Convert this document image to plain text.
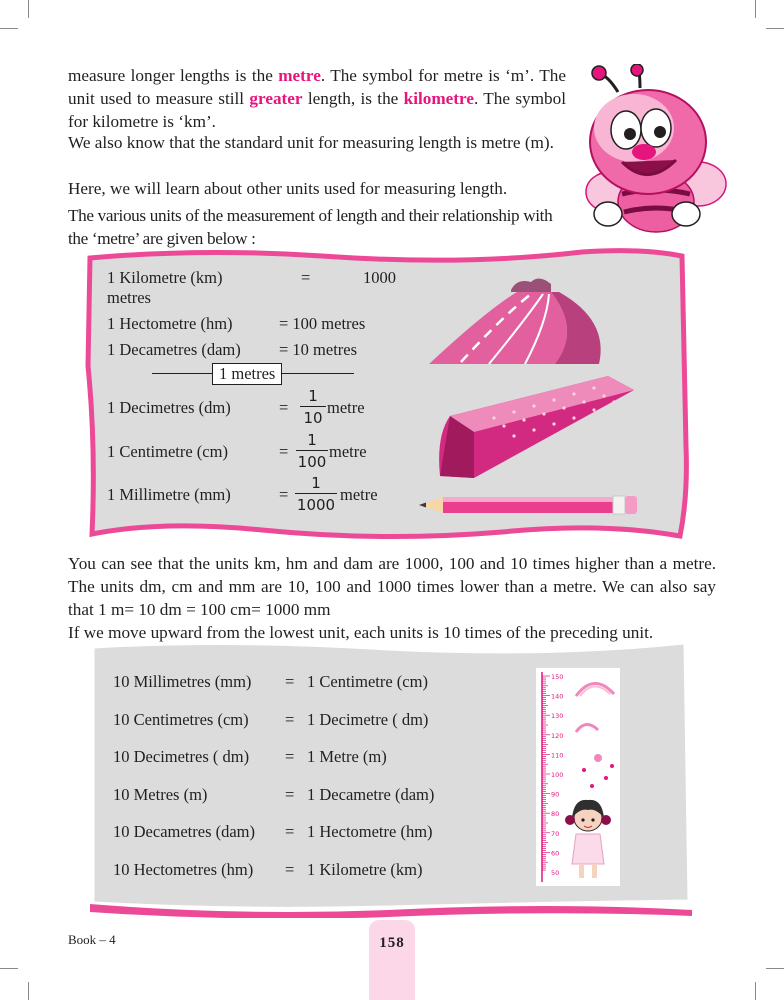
measure longer lengths is the metre. The symbol for metre is ‘m’. The unit used to measure still greater length, is the kilometre. The symbol for kilometre is ‘km’.

We also know that the standard unit for measuring length is metre (m).

Here, we will learn about other units used for measuring length.

The various units of the measurement of length and their relationship with the ‘metre’ are given below :

1 Kilometre (km)	=	1000
metres
1 Hectometre (hm)	= 100 metres
1 Decametres (dam) = 10 metres
1 metres
1 Decimetres (dm)	=
1
10
metre
1 Centimetre (cm)	=
1
100
metre
1 Millimetre (mm)	=
1
1000
metre

You can see that the units km, hm and dam are 1000, 100 and 10 times higher than a metre. The units dm, cm and mm are 10, 100 and 1000 times lower than a metre. We can also say that 1 m= 10 dm = 100 cm= 1000 mm

If we move upward from the lowest unit, each units is 10 times of the preceding unit.

10 Millimetres (mm) = 1 Centimetre (cm)
10 Centimetres (cm) = 1 Decimetre ( dm)
10 Decimetres ( dm) = 1 Metre (m)
10 Metres (m)	= 1 Decametre (dam)
10 Decametres (dam) = 1 Hectometre (hm)
10 Hectometres (hm) = 1 Kilometre (km)
150
140
130
120
110
100
90
80
70
60
50
Book – 4	158
